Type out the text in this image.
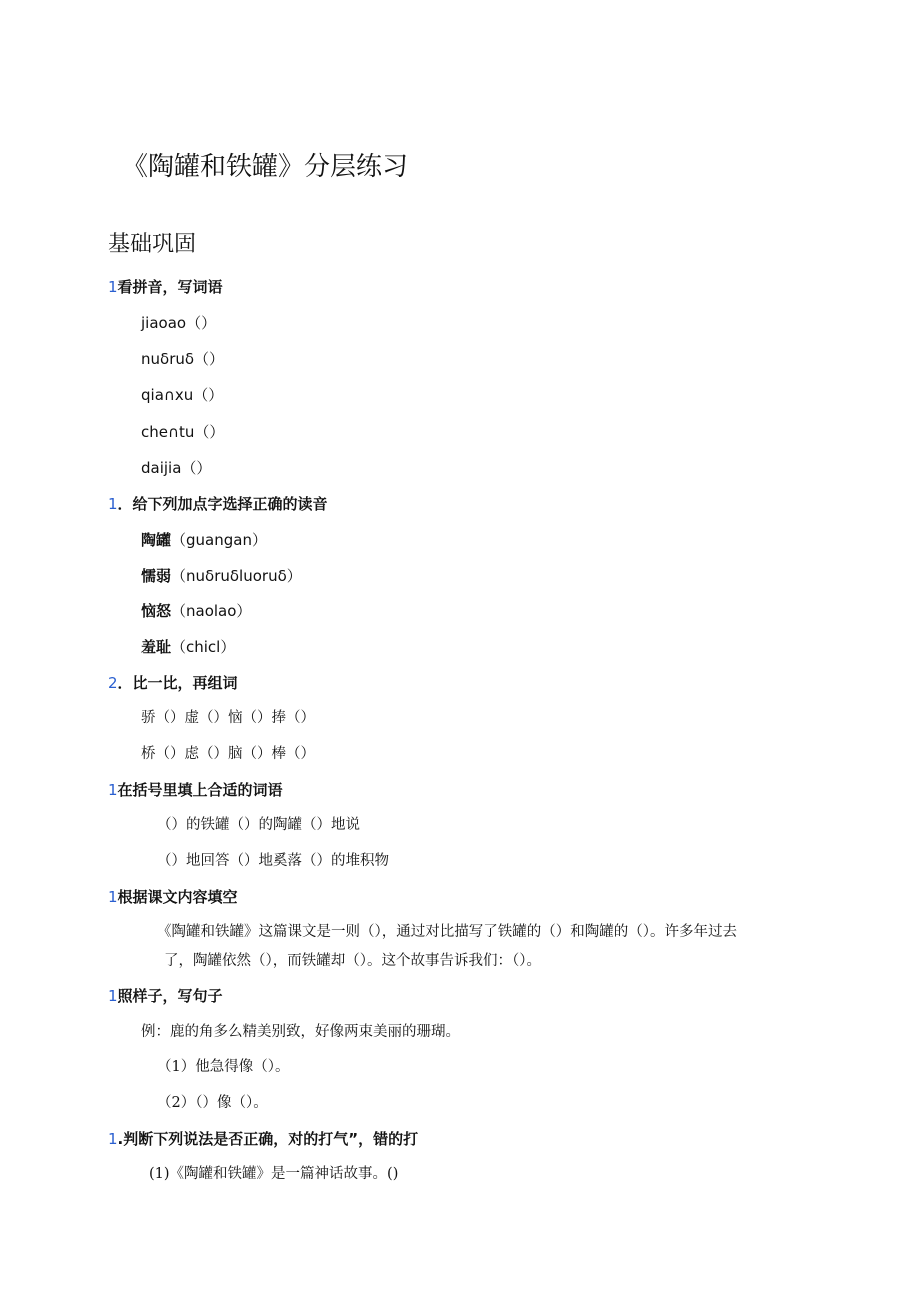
《陶罐和铁罐》分层练习
基础巩固
1看拼音，写词语
jiaoao（）
nuδruδ（）
qia∩xu（）
che∩tu（）
daijia（）
1．给下列加点字选择正确的读音
陶罐（guangan）
懦弱（nuδruδluoruδ）
恼怒（naolao）
羞耻（chicl）
2．比一比，再组词
骄（）虚（）恼（）捧（）
桥（）虑（）脑（）棒（）
1在括号里填上合适的词语
（）的铁罐（）的陶罐（）地说
（）地回答（）地奚落（）的堆积物
1根据课文内容填空
《陶罐和铁罐》这篇课文是一则（），通过对比描写了铁罐的（）和陶罐的（）。许多年过去
了，陶罐依然（），而铁罐却（）。这个故事告诉我们：（）。
1照样子，写句子
例：鹿的角多么精美别致，好像两束美丽的珊瑚。
（1）他急得像（）。
（2）（）像（）。
1.判断下列说法是否正确，对的打气”，错的打
(1)《陶罐和铁罐》是一篇神话故事。()
